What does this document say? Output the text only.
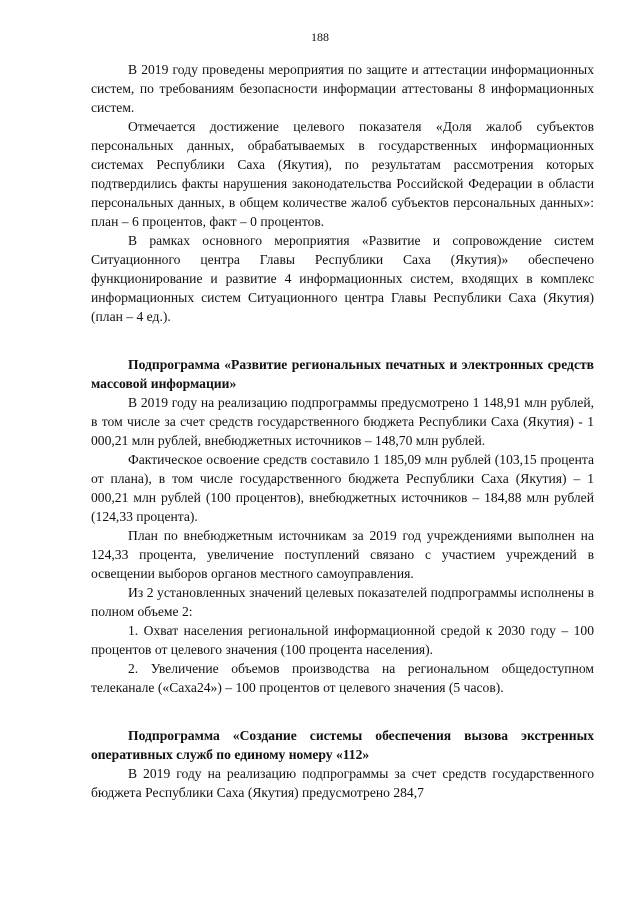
188

В 2019 году проведены мероприятия по защите и аттестации информационных систем, по требованиям безопасности информации аттестованы 8 информационных систем.

Отмечается достижение целевого показателя «Доля жалоб субъектов персональных данных, обрабатываемых в государственных информационных системах Республики Саха (Якутия), по результатам рассмотрения которых подтвердились факты нарушения законодательства Российской Федерации в области персональных данных, в общем количестве жалоб субъектов персональных данных»: план – 6 процентов, факт – 0 процентов.

В рамках основного мероприятия «Развитие и сопровождение систем Ситуационного центра Главы Республики Саха (Якутия)» обеспечено функционирование и развитие 4 информационных систем, входящих в комплекс информационных систем Ситуационного центра Главы Республики Саха (Якутия) (план – 4 ед.).

Подпрограмма «Развитие региональных печатных и электронных средств массовой информации»

В 2019 году на реализацию подпрограммы предусмотрено 1 148,91 млн рублей, в том числе за счет средств государственного бюджета Республики Саха (Якутия) - 1 000,21 млн рублей, внебюджетных источников – 148,70 млн рублей.

Фактическое освоение средств составило 1 185,09 млн рублей (103,15 процента от плана), в том числе государственного бюджета Республики Саха (Якутия) – 1 000,21 млн рублей (100 процентов), внебюджетных источников – 184,88 млн рублей (124,33 процента).

План по внебюджетным источникам за 2019 год учреждениями выполнен на 124,33 процента, увеличение поступлений связано с участием учреждений в освещении выборов органов местного самоуправления.

Из 2 установленных значений целевых показателей подпрограммы исполнены в полном объеме 2:

1. Охват населения региональной информационной средой к 2030 году – 100 процентов от целевого значения (100 процента населения).

2. Увеличение объемов производства на региональном общедоступном телеканале («Саха24») – 100 процентов от целевого значения (5 часов).

Подпрограмма «Создание системы обеспечения вызова экстренных оперативных служб по единому номеру «112»

В 2019 году на реализацию подпрограммы за счет средств государственного бюджета Республики Саха (Якутия) предусмотрено 284,7
